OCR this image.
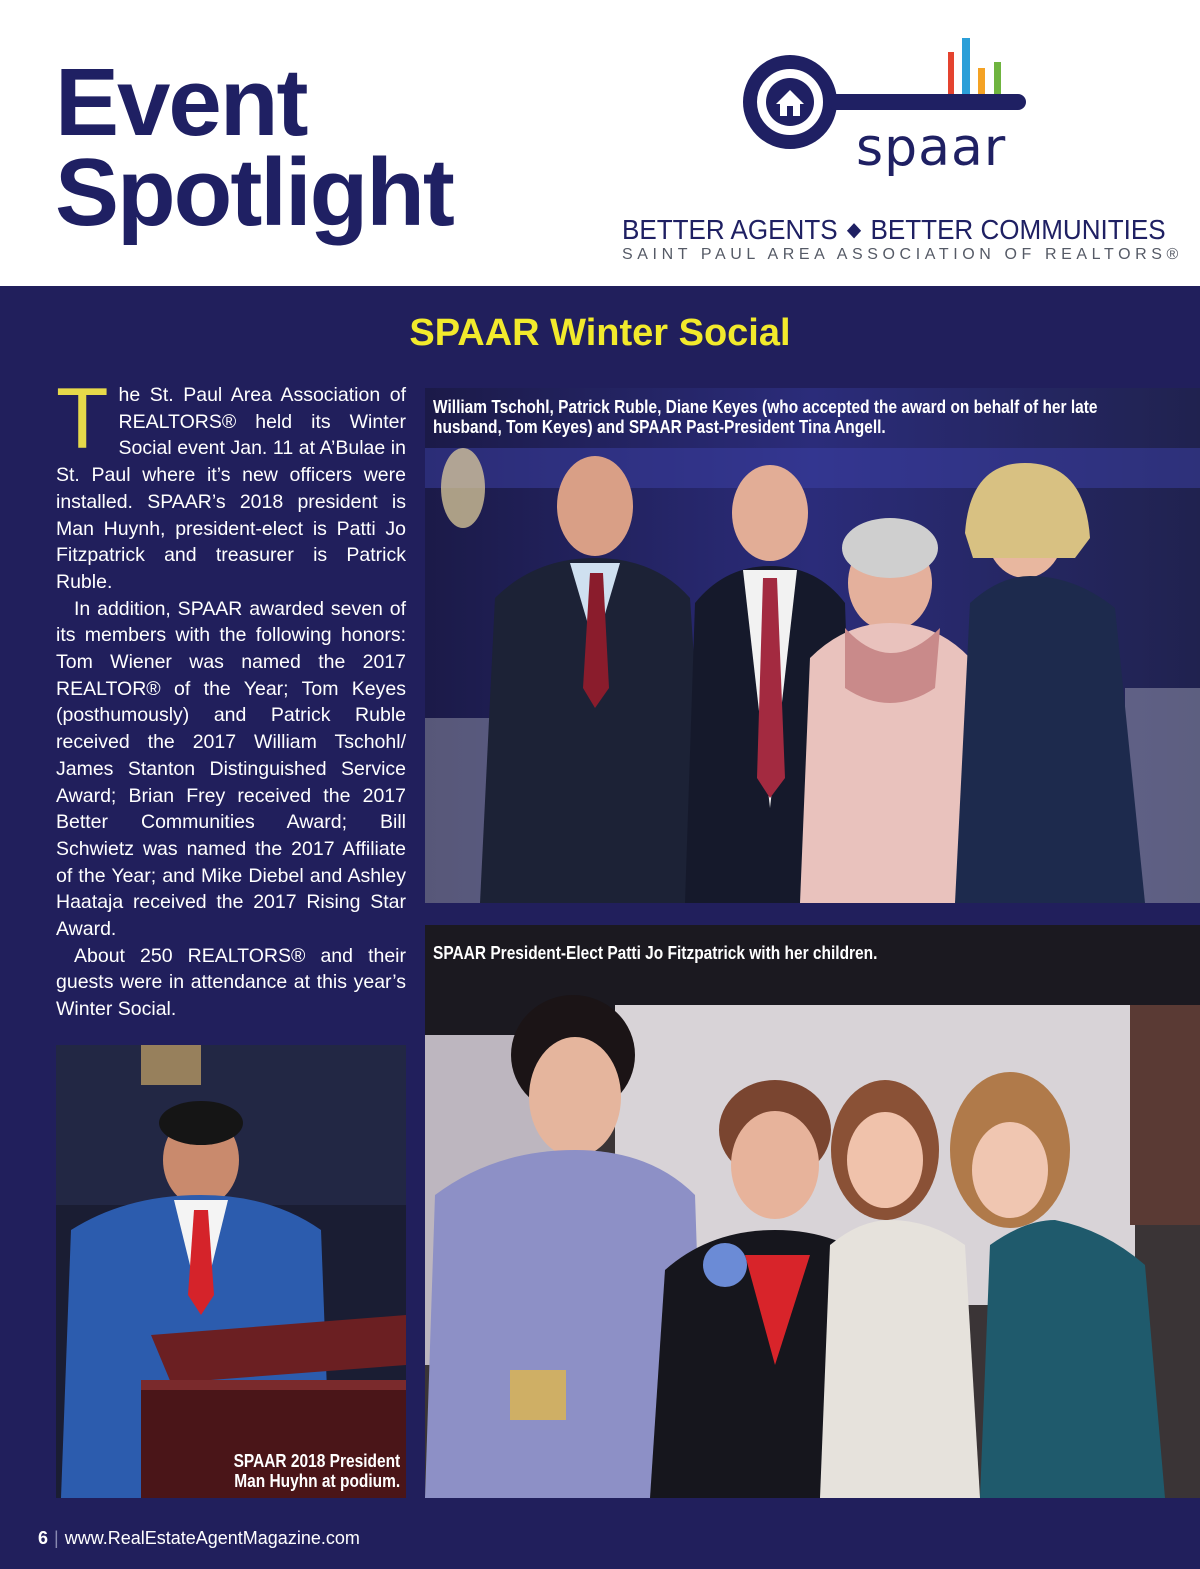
Event
Spotlight	spaar
BETTER AGENTS ◆ BETTER COMMUNITIES
SAINT PAUL AREA ASSOCIATION OF REALTORS®
SPAAR Winter Social

The St. Paul Area Association of REALTORS® held its Winter Social event Jan. 11 at A’Bulae in St. Paul where it’s new officers were installed. SPAAR’s 2018 president is Man Huynh, president-elect is Patti Jo Fitzpatrick and treasurer is Patrick Ruble.

In addition, SPAAR awarded seven of its members with the following honors: Tom Wiener was named the 2017 REALTOR® of the Year; Tom Keyes (posthumously) and Patrick Ruble received the 2017 William Tschohl/ James Stanton Distinguished Service Award; Brian Frey received the 2017 Better Communities Award; Bill Schwietz was named the 2017 Affiliate of the Year; and Mike Diebel and Ashley Haataja received the 2017 Rising Star Award.

About 250 REALTORS® and their guests were in attendance at this year’s Winter Social.

William Tschohl, Patrick Ruble, Diane Keyes (who accepted the award on behalf of her late husband, Tom Keyes) and SPAAR Past-President Tina Angell.
SPAAR President-Elect Patti Jo Fitzpatrick with her children.
SPAAR 2018 President
Man Huyhn at podium.
6 | www.RealEstateAgentMagazine.com
